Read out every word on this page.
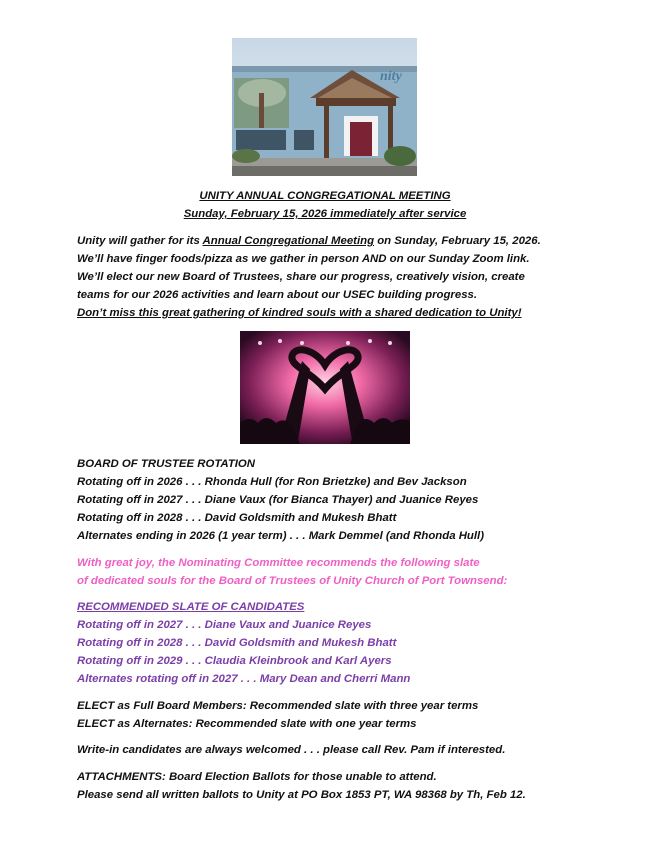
nity
UNITY ANNUAL CONGREGATIONAL MEETING
Sunday, February 15, 2026 immediately after service
Unity will gather for its Annual Congregational Meeting on Sunday, February 15, 2026.
We’ll have finger foods/pizza as we gather in person AND on our Sunday Zoom link.
We’ll elect our new Board of Trustees, share our progress, creatively vision, create
teams for our 2026 activities and learn about our USEC building progress.
Don’t miss this great gathering of kindred souls with a shared dedication to Unity!
BOARD OF TRUSTEE ROTATION
Rotating off in 2026 . . . Rhonda Hull (for Ron Brietzke) and Bev Jackson
Rotating off in 2027 . . . Diane Vaux (for Bianca Thayer) and Juanice Reyes
Rotating off in 2028 . . . David Goldsmith and Mukesh Bhatt
Alternates ending in 2026 (1 year term) . . . Mark Demmel (and Rhonda Hull)
With great joy, the Nominating Committee recommends the following slate
of dedicated souls for the Board of Trustees of Unity Church of Port Townsend:
RECOMMENDED SLATE OF CANDIDATES
Rotating off in 2027 . . . Diane Vaux and Juanice Reyes
Rotating off in 2028 . . . David Goldsmith and Mukesh Bhatt
Rotating off in 2029 . . . Claudia Kleinbrook and Karl Ayers
Alternates rotating off in 2027 . . . Mary Dean and Cherri Mann
ELECT as Full Board Members: Recommended slate with three year terms
ELECT as Alternates: Recommended slate with one year terms
Write-in candidates are always welcomed . . . please call Rev. Pam if interested.
ATTACHMENTS: Board Election Ballots for those unable to attend.
Please send all written ballots to Unity at PO Box 1853 PT, WA 98368 by Th, Feb 12.
